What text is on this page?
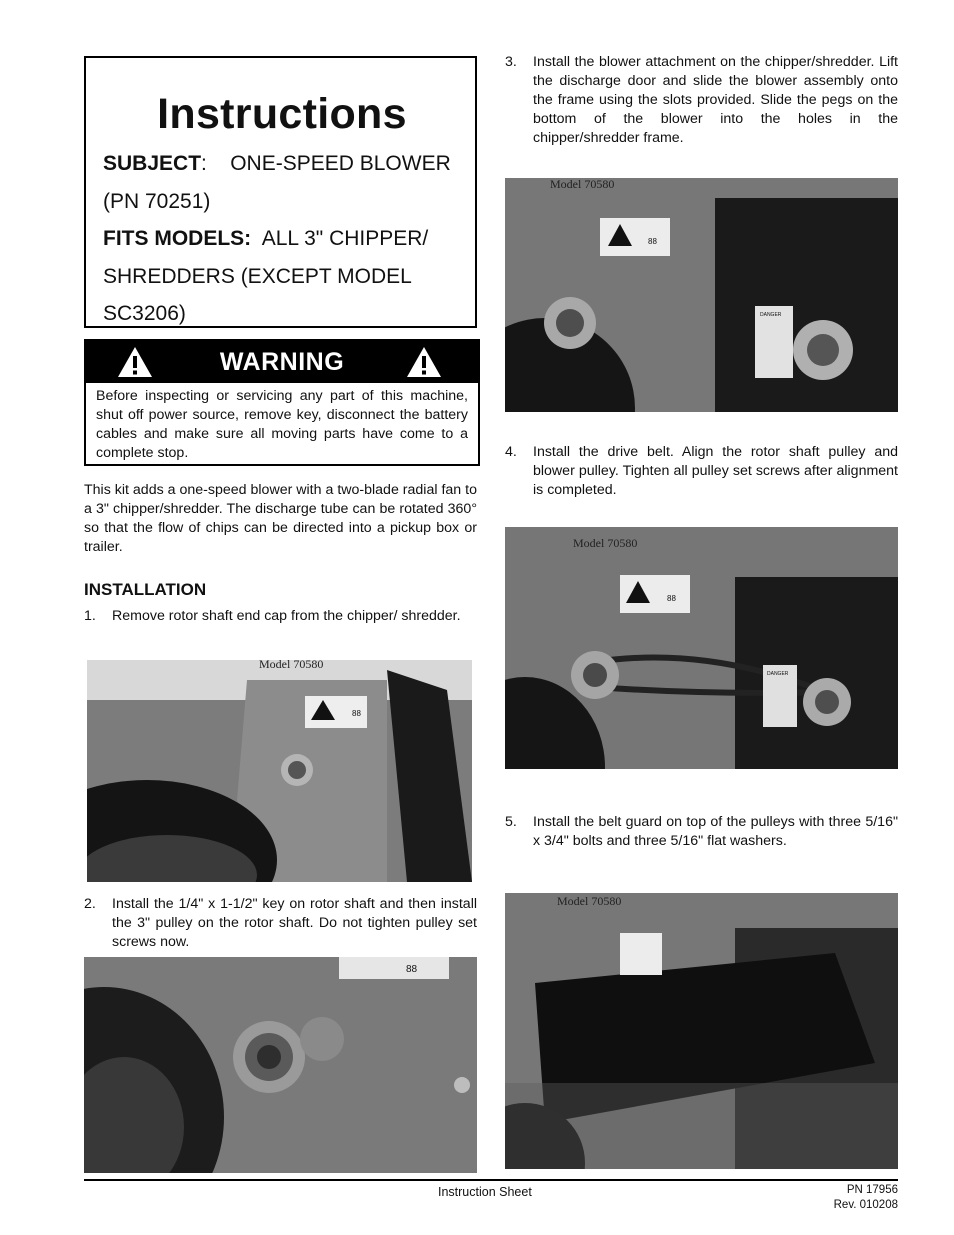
Instructions
SUBJECT: ONE-SPEED BLOWER
(PN 70251)
FITS MODELS: ALL 3" CHIPPER/
SHREDDERS (EXCEPT MODEL
SC3206)
WARNING
Before inspecting or servicing any part of this machine, shut off power source, remove key, disconnect the battery cables and make sure all moving parts have come to a complete stop.
This kit adds a one-speed blower with a two-blade radial fan to a 3" chipper/shredder. The discharge tube can be rotated 360° so that the flow of chips can be directed into a pickup box or trailer.
INSTALLATION
1. Remove rotor shaft end cap from the chipper/ shredder.
88
Model 70580
2. Install the 1/4" x 1-1/2" key on rotor shaft and then install the 3" pulley on the rotor shaft. Do not tighten pulley set screws now.
88
3. Install the blower attachment on the chipper/shredder. Lift the discharge door and slide the blower assembly onto the frame using the slots provided. Slide the pegs on the bottom of the blower into the holes in the chipper/shredder frame.
88
DANGER
Model 70580
4. Install the drive belt. Align the rotor shaft pulley and blower pulley. Tighten all pulley set screws after alignment is completed.
88
DANGER
Model 70580
5. Install the belt guard on top of the pulleys with three 5/16" x 3/4" bolts and three 5/16" flat washers.
Model 70580
Instruction Sheet	PN 17956
Rev. 010208
